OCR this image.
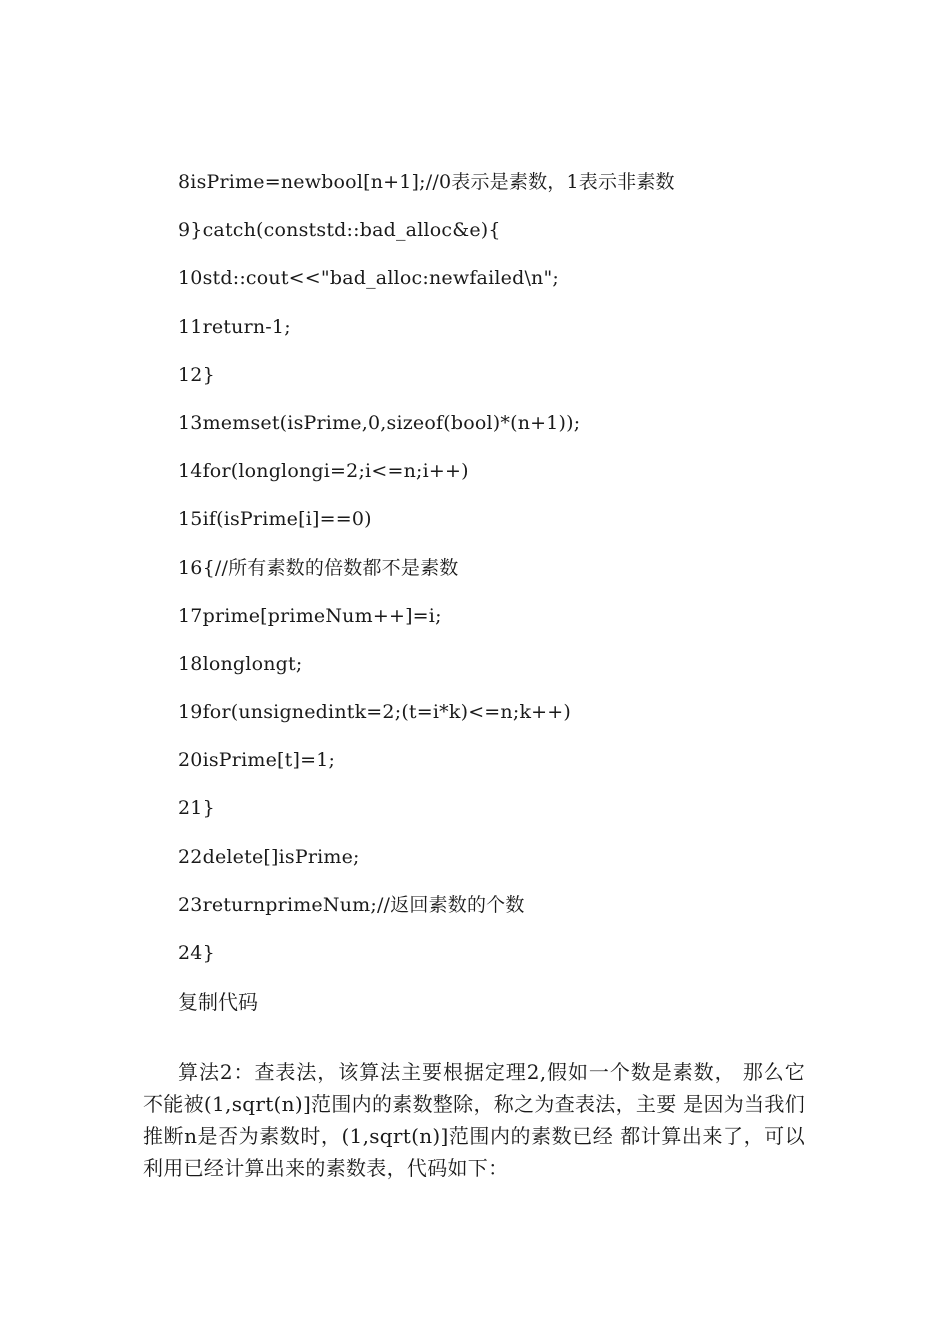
8isPrime=newbool[n+1];//0表示是素数，1表示非素数
9}catch(conststd::bad_alloc&e){
10std::cout<<"bad_alloc:newfailed\n";
11return-1;
12}
13memset(isPrime,0,sizeof(bool)*(n+1));
14for(longlongi=2;i<=n;i++)
15if(isPrime[i]==0)
16{//所有素数的倍数都不是素数
17prime[primeNum++]=i;
18longlongt;
19for(unsignedintk=2;(t=i*k)<=n;k++)
20isPrime[t]=1;
21}
22delete[]isPrime;
23returnprimeNum;//返回素数的个数
24}
复制代码

算法2：查表法，该算法主要根据定理2,假如一个数是素数， 那么它不能被(1,sqrt(n)]范围内的素数整除，称之为查表法，主要 是因为当我们推断n是否为素数时，(1,sqrt(n)]范围内的素数已经 都计算出来了，可以利用已经计算出来的素数表，代码如下：
